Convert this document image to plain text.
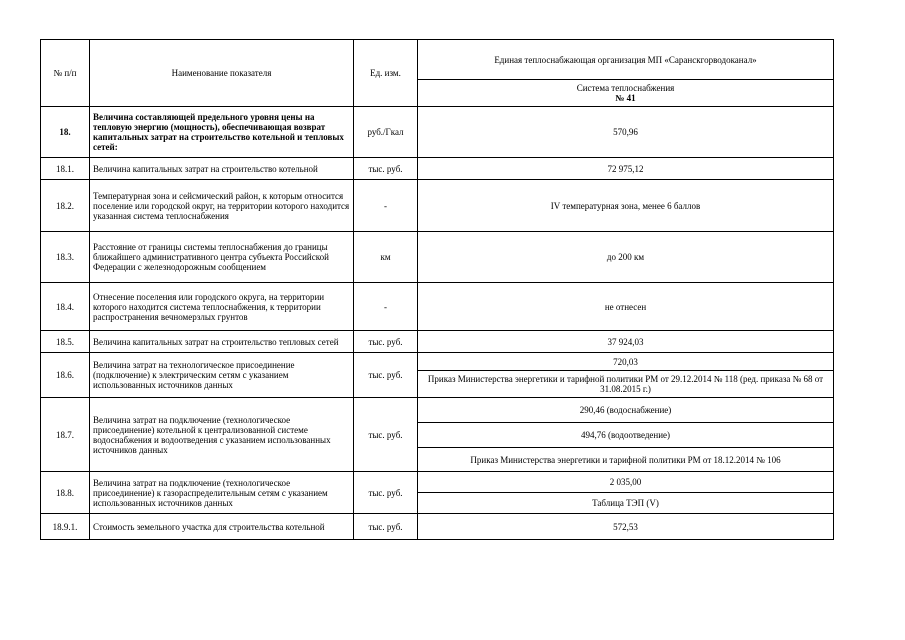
№ п/п	Наименование показателя	Ед. изм.	Единая теплоснабжающая организация МП «Саранскгорводоканал»

			Система теплоснабжения
№ 41

18.	Величина составляющей предельного уровня цены на тепловую энергию (мощность), обеспечивающая возврат капитальных затрат на строительство котельной и тепловых сетей:	руб./Гкал	570,96
18.1.	Величина капитальных затрат на строительство котельной	тыс. руб.	72 975,12
18.2.	Температурная зона и сейсмический район, к которым относится поселение или городской округ, на территории которого находится указанная система теплоснабжения	-	IV температурная зона, менее 6 баллов
18.3.	Расстояние от границы системы теплоснабжения до границы ближайшего административного центра субъекта Российской Федерации с железнодорожным сообщением	км	до 200 км
18.4.	Отнесение поселения или городского округа, на территории которого находится система теплоснабжения, к территории распространения вечномерзлых грунтов	-	не отнесен
18.5.	Величина капитальных затрат на строительство тепловых сетей	тыс. руб.	37 924,03
18.6.	Величина затрат на технологическое присоединение (подключение) к электрическим сетям с указанием использованных источников данных	тыс. руб.	720,03
			Приказ Министерства энергетики и тарифной политики РМ от 29.12.2014 № 118 (ред. приказа № 68 от 31.08.2015 г.)
18.7.	Величина затрат на подключение (технологическое присоединение) котельной к централизованной системе водоснабжения и водоотведения с указанием использованных источников данных	тыс. руб.	290,46 (водоснабжение)
			494,76 (водоотведение)
			Приказ Министерства энергетики и тарифной политики РМ от 18.12.2014 № 106
18.8.	Величина затрат на подключение (технологическое присоединение) к газораспределительным сетям с указанием использованных источников данных	тыс. руб.	2 035,00
			Таблица ТЭП (V)
18.9.1.	Стоимость земельного участка для строительства котельной	тыс. руб.	572,53
